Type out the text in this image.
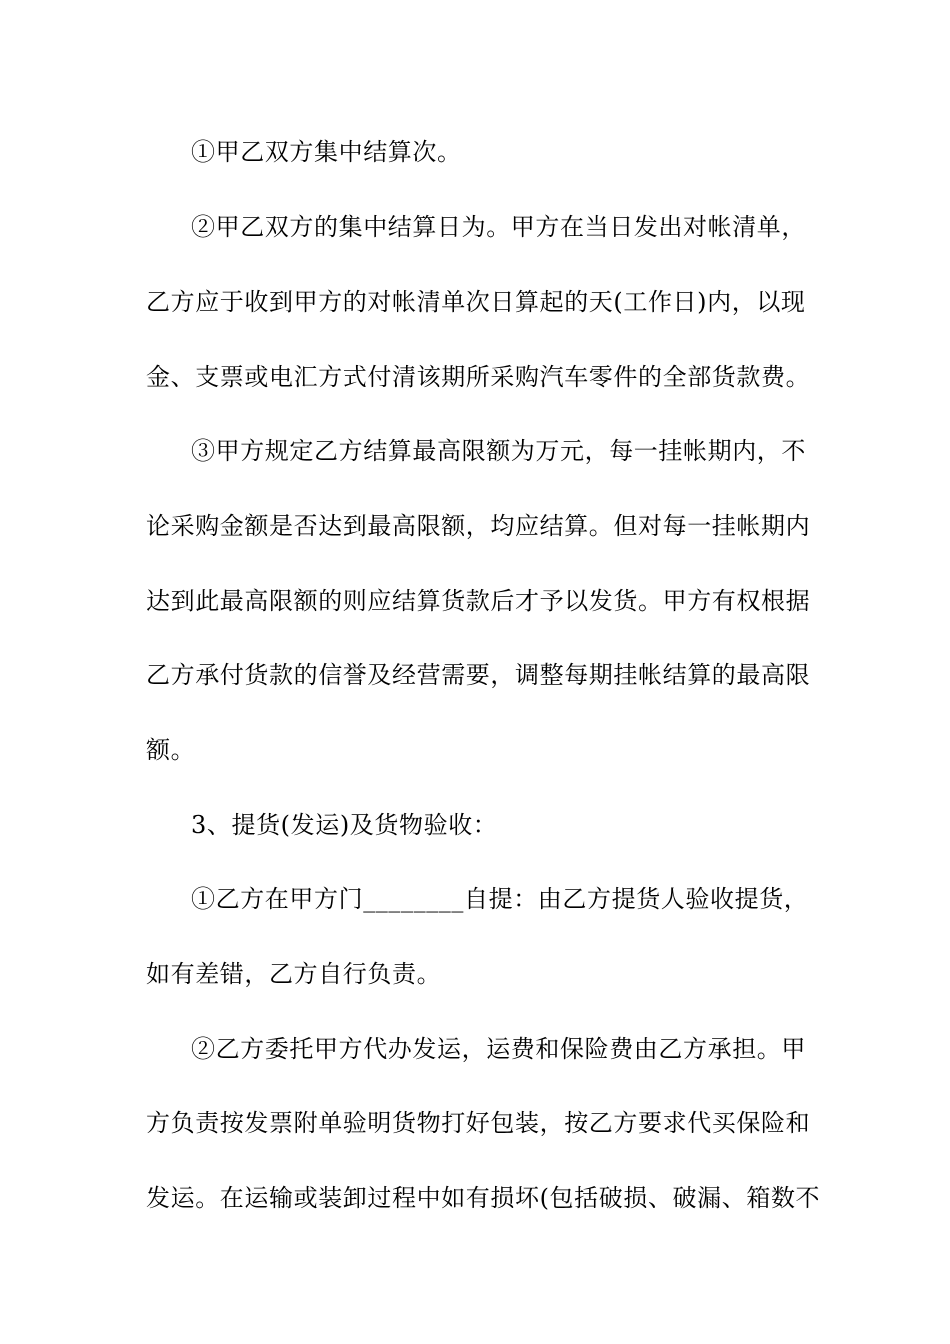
①甲乙双方集中结算次。
②甲乙双方的集中结算日为。甲方在当日发出对帐清单，
乙方应于收到甲方的对帐清单次日算起的天(工作日)内，以现
金、支票或电汇方式付清该期所采购汽车零件的全部货款费。
③甲方规定乙方结算最高限额为万元，每一挂帐期内，不
论采购金额是否达到最高限额，均应结算。但对每一挂帐期内
达到此最高限额的则应结算货款后才予以发货。甲方有权根据
乙方承付货款的信誉及经营需要，调整每期挂帐结算的最高限
额。
3、提货(发运)及货物验收：
①乙方在甲方门________自提：由乙方提货人验收提货，
如有差错，乙方自行负责。
②乙方委托甲方代办发运，运费和保险费由乙方承担。甲
方负责按发票附单验明货物打好包装，按乙方要求代买保险和
发运。在运输或装卸过程中如有损坏(包括破损、破漏、箱数不
